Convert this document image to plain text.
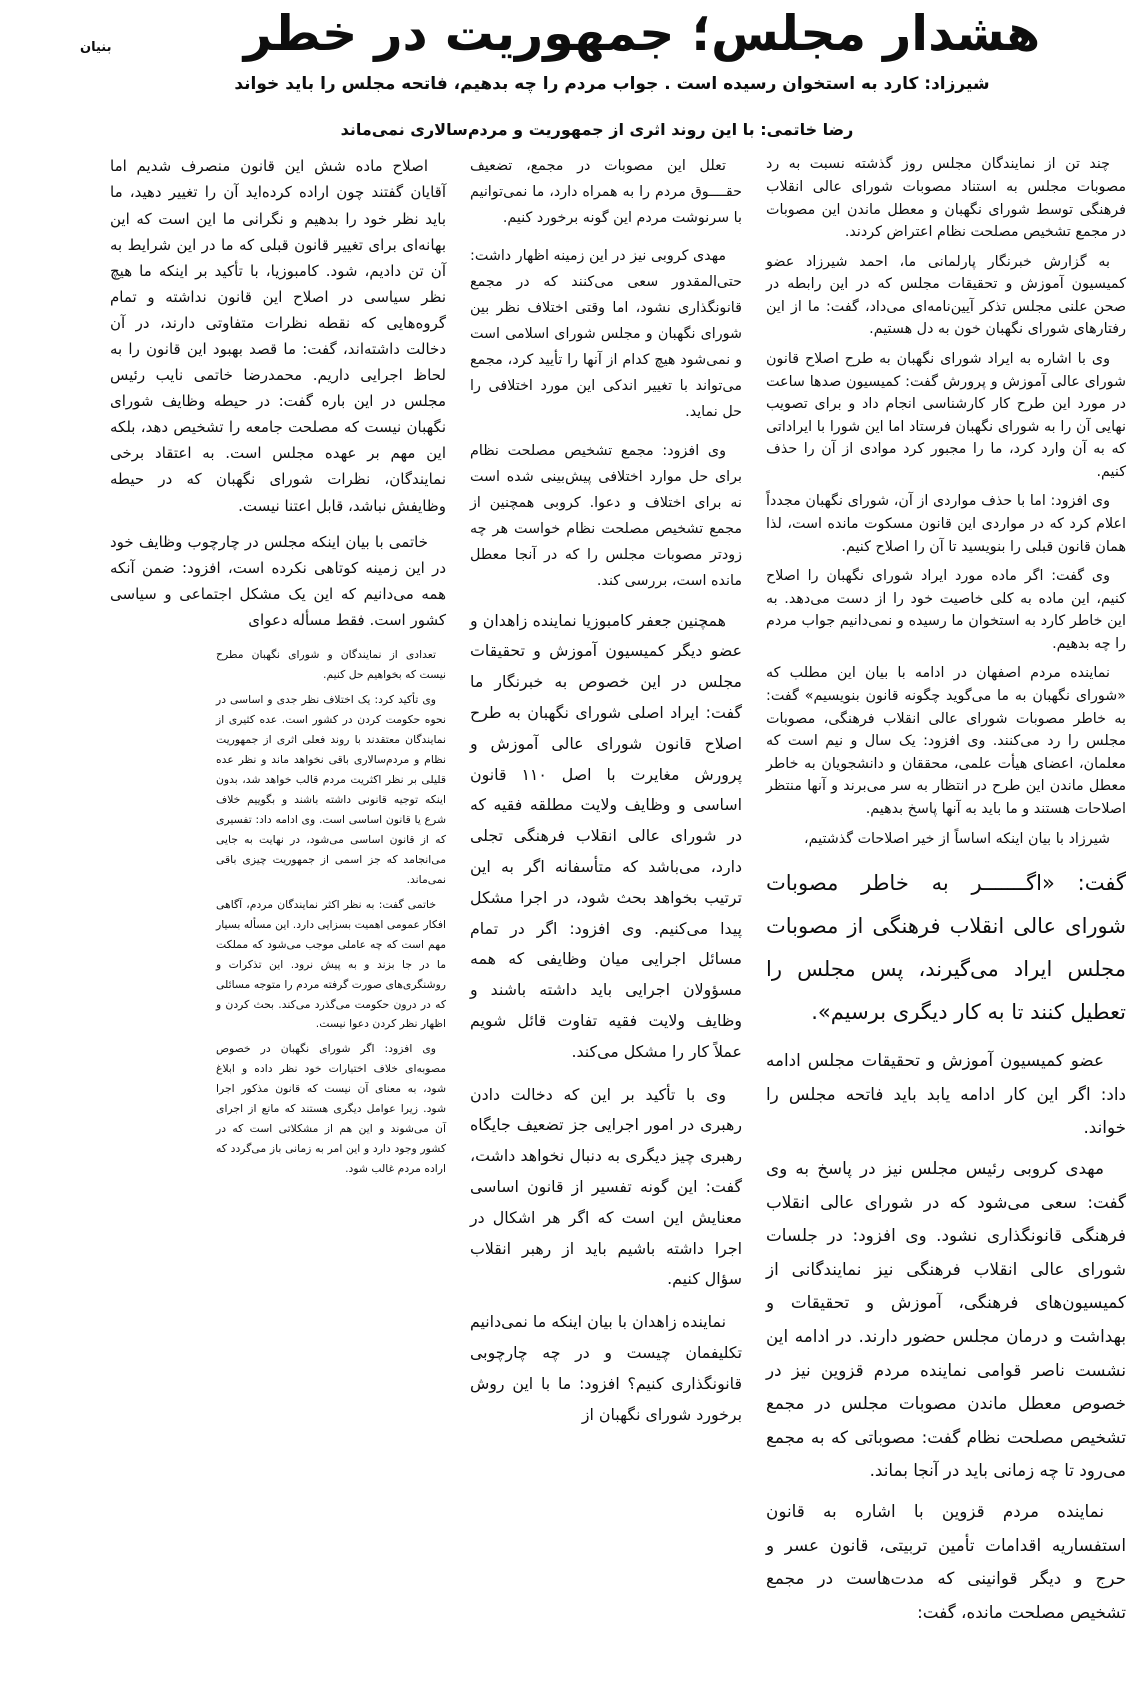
بنیان	هشدار مجلس؛ جمهوریت در خطر
شیرزاد: کارد به استخوان رسیده است . جواب مردم را چه بدهیم، فاتحه مجلس را باید خواند
رضا خاتمی: با این روند اثری از جمهوریت و مردم‌سالاری نمی‌ماند

چند تن از نمایندگان مجلس روز گذشته نسبت به رد مصوبات مجلس به استناد مصوبات شورای عالی انقلاب فرهنگی توسط شورای نگهبان و معطل ماندن این مصوبات در مجمع تشخیص مصلحت نظام اعتراض کردند.

به گزارش خبرنگار پارلمانی ما، احمد شیرزاد عضو کمیسیون آموزش و تحقیقات مجلس که در این رابطه در صحن علنی مجلس تذکر آیین‌نامه‌ای می‌داد، گفت: ما از این رفتارهای شورای نگهبان خون به دل هستیم.

وی با اشاره به ایراد شورای نگهبان به طرح اصلاح قانون شورای عالی آموزش و پرورش گفت: کمیسیون صدها ساعت در مورد این طرح کار کارشناسی انجام داد و برای تصویب نهایی آن را به شورای نگهبان فرستاد اما این شورا با ایراداتی که به آن وارد کرد، ما را مجبور کرد موادی از آن را حذف کنیم.

وی افزود: اما با حذف مواردی از آن، شورای نگهبان مجدداً اعلام کرد که در مواردی این قانون مسکوت مانده است، لذا همان قانون قبلی را بنویسید تا آن را اصلاح کنیم.

وی گفت: اگر ماده مورد ایراد شورای نگهبان را اصلاح کنیم، این ماده به کلی خاصیت خود را از دست می‌دهد. به این خاطر کارد به استخوان ما رسیده و نمی‌دانیم جواب مردم را چه بدهیم.

نماینده مردم اصفهان در ادامه با بیان این مطلب که «شورای نگهبان به ما می‌گوید چگونه قانون بنویسیم» گفت: به خاطر مصوبات شورای عالی انقلاب فرهنگی، مصوبات مجلس را رد می‌کنند. وی افزود: یک سال و نیم است که معلمان، اعضای هیأت علمی، محققان و دانشجویان به خاطر معطل ماندن این طرح در انتظار به سر می‌برند و آنها منتظر اصلاحات هستند و ما باید به آنها پاسخ بدهیم.

شیرزاد با بیان اینکه اساساً از خیر اصلاحات گذشتیم،

گفت: «اگـــــــر به خاطر مصوبات شورای عالی انقلاب فرهنگی از مصوبات مجلس ایراد می‌گیرند، پس مجلس را تعطیل کنند تا به کار دیگری برسیم».

عضو کمیسیون آموزش و تحقیقات مجلس ادامه داد: اگر این کار ادامه یابد باید فاتحه مجلس را خواند.

مهدی کروبی رئیس مجلس نیز در پاسخ به وی گفت: سعی می‌شود که در شورای عالی انقلاب فرهنگی قانونگذاری نشود. وی افزود: در جلسات شورای عالی انقلاب فرهنگی نیز نمایندگانی از کمیسیون‌های فرهنگی، آموزش و تحقیقات و بهداشت و درمان مجلس حضور دارند. در ادامه این نشست ناصر قوامی نماینده مردم قزوین نیز در خصوص معطل ماندن مصوبات مجلس در مجمع تشخیص مصلحت نظام گفت: مصوباتی که به مجمع می‌رود تا چه زمانی باید در آنجا بماند.

نماینده مردم قزوین با اشاره به قانون استفساریه اقدامات تأمین تربیتی، قانون عسر و حرج و دیگر قوانینی که مدت‌هاست در مجمع تشخیص مصلحت مانده، گفت:

تعلل این مصوبات در مجمع، تضعیف حقــــوق مردم را به همراه دارد، ما نمی‌توانیم با سرنوشت مردم این گونه برخورد کنیم.

مهدی کروبی نیز در این زمینه اظهار داشت: حتی‌المقدور سعی می‌کنند که در مجمع قانونگذاری نشود، اما وقتی اختلاف نظر بین شورای نگهبان و مجلس شورای اسلامی است و نمی‌شود هیچ کدام از آنها را تأیید کرد، مجمع می‌تواند با تغییر اندکی این مورد اختلافی را حل نماید.

وی افزود: مجمع تشخیص مصلحت نظام برای حل موارد اختلافی پیش‌بینی شده است نه برای اختلاف و دعوا. کروبی همچنین از مجمع تشخیص مصلحت نظام خواست هر چه زودتر مصوبات مجلس را که در آنجا معطل مانده است، بررسی کند.

همچنین جعفر کامبوزیا نماینده زاهدان و عضو دیگر کمیسیون آموزش و تحقیقات مجلس در این خصوص به خبرنگار ما گفت: ایراد اصلی شورای نگهبان به طرح اصلاح قانون شورای عالی آموزش و پرورش مغایرت با اصل ۱۱۰ قانون اساسی و وظایف ولایت مطلقه فقیه که در شورای عالی انقلاب فرهنگی تجلی دارد، می‌باشد که متأسفانه اگر به این ترتیب بخواهد بحث شود، در اجرا مشکل پیدا می‌کنیم. وی افزود: اگر در تمام مسائل اجرایی میان وظایفی که همه مسؤولان اجرایی باید داشته باشند و وظایف ولایت فقیه تفاوت قائل شویم عملاً کار را مشکل می‌کند.

وی با تأکید بر این که دخالت دادن رهبری در امور اجرایی جز تضعیف جایگاه رهبری چیز دیگری به دنبال نخواهد داشت، گفت: این گونه تفسیر از قانون اساسی معنایش این است که اگر هر اشکال در اجرا داشته باشیم باید از رهبر انقلاب سؤال کنیم.

نماینده زاهدان با بیان اینکه ما نمی‌دانیم تکلیفمان چیست و در چه چارچوبی قانونگذاری کنیم؟ افزود: ما با این روش برخورد شورای نگهبان از

اصلاح ماده شش این قانون منصرف شدیم اما آقایان گفتند چون اراده کرده‌اید آن را تغییر دهید، ما باید نظر خود را بدهیم و نگرانی ما این است که این بهانه‌ای برای تغییر قانون قبلی که ما در این شرایط به آن تن دادیم، شود. کامبوزیا، با تأکید بر اینکه ما هیچ نظر سیاسی در اصلاح این قانون نداشته و تمام گروه‌هایی که نقطه نظرات متفاوتی دارند، در آن دخالت داشته‌اند، گفت: ما قصد بهبود این قانون را به لحاظ اجرایی داریم. محمدرضا خاتمی نایب رئیس مجلس در این باره گفت: در حیطه وظایف شورای نگهبان نیست که مصلحت جامعه را تشخیص دهد، بلکه این مهم بر عهده مجلس است. به اعتقاد برخی نمایندگان، نظرات شورای نگهبان که در حیطه وظایفش نباشد، قابل اعتنا نیست.

خاتمی با بیان اینکه مجلس در چارچوب وظایف خود در این زمینه کوتاهی نکرده است، افزود: ضمن آنکه همه می‌دانیم که این یک مشکل اجتماعی و سیاسی کشور است. فقط مسأله دعوای

تعدادی از نمایندگان و شورای نگهبان مطرح نیست که بخواهیم حل کنیم.

وی تأکید کرد: یک اختلاف نظر جدی و اساسی در نحوه حکومت کردن در کشور است. عده کثیری از نمایندگان معتقدند با روند فعلی اثری از جمهوریت نظام و مردم‌سالاری باقی نخواهد ماند و نظر عده قلیلی بر نظر اکثریت مردم قالب خواهد شد، بدون اینکه توجیه قانونی داشته باشند و بگوییم خلاف شرع یا قانون اساسی است. وی ادامه داد: تفسیری که از قانون اساسی می‌شود، در نهایت به جایی می‌انجامد که جز اسمی از جمهوریت چیزی باقی نمی‌ماند.

خاتمی گفت: به نظر اکثر نمایندگان مردم، آگاهی افکار عمومی اهمیت بسزایی دارد. این مسأله بسیار مهم است که چه عاملی موجب می‌شود که مملکت ما در جا بزند و به پیش نرود. این تذکرات و روشنگری‌های صورت گرفته مردم را متوجه مسائلی که در درون حکومت می‌گذرد می‌کند. بحث کردن و اظهار نظر کردن دعوا نیست.

وی افزود: اگر شورای نگهبان در خصوص مصوبه‌ای خلاف اختیارات خود نظر داده و ابلاغ شود، به معنای آن نیست که قانون مذکور اجرا شود. زیرا عوامل دیگری هستند که مانع از اجرای آن می‌شوند و این هم از مشکلاتی است که در کشور وجود دارد و این امر به زمانی باز می‌گردد که اراده مردم غالب شود.
